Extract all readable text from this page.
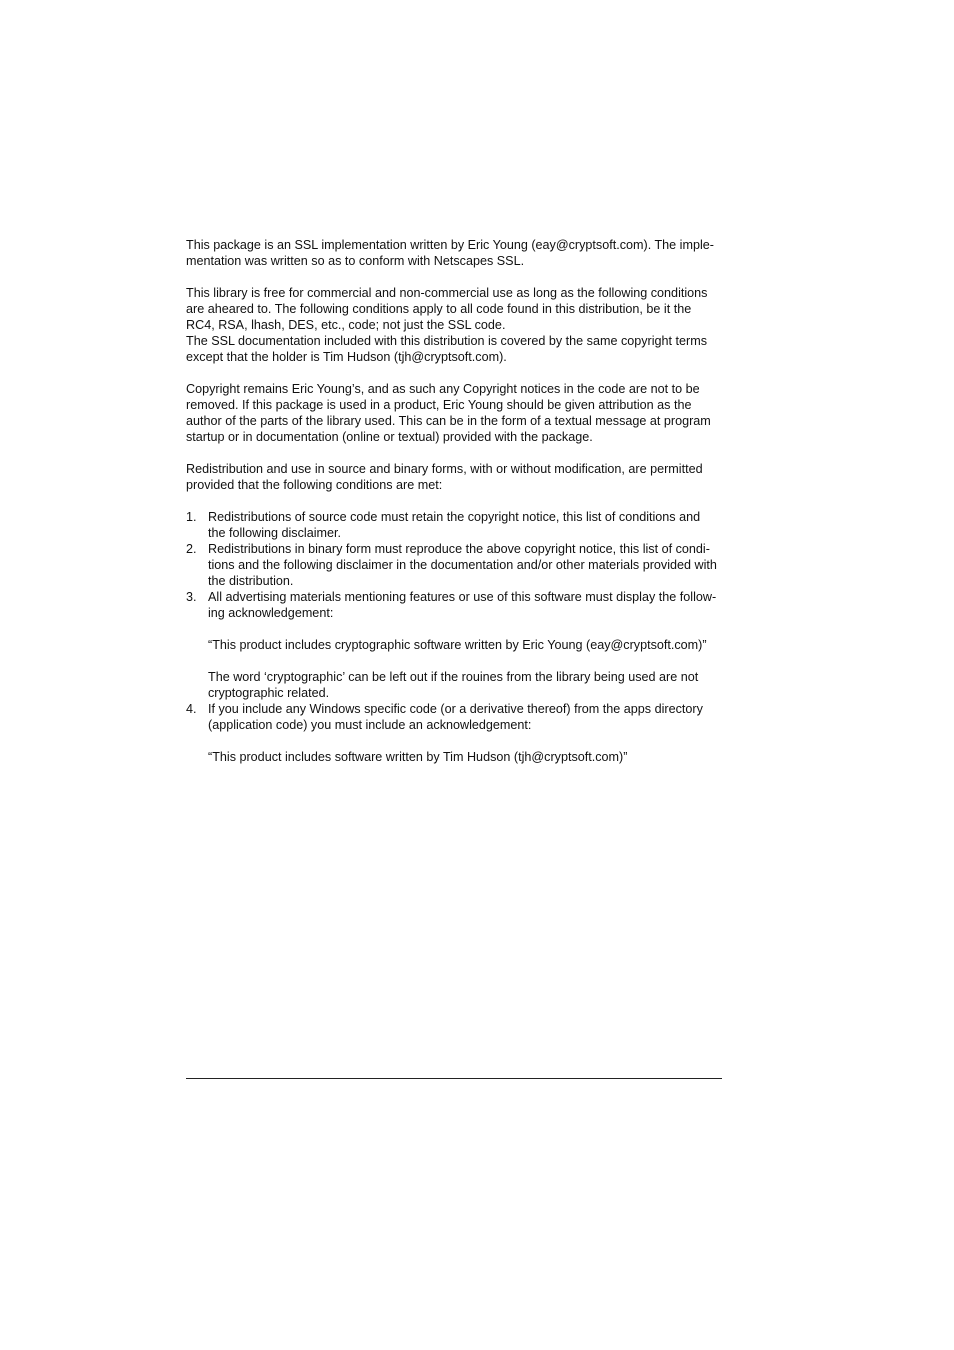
This package is an SSL implementation written by Eric Young (eay@cryptsoft.com). The imple-
mentation was written so as to conform with Netscapes SSL.

This library is free for commercial and non-commercial use as long as the following conditions
are aheared to. The following conditions apply to all code found in this distribution, be it the
RC4, RSA, lhash, DES, etc., code; not just the SSL code.

The SSL documentation included with this distribution is covered by the same copyright terms
except that the holder is Tim Hudson (tjh@cryptsoft.com).

Copyright remains Eric Young’s, and as such any Copyright notices in the code are not to be
removed. If this package is used in a product, Eric Young should be given attribution as the
author of the parts of the library used. This can be in the form of a textual message at program
startup or in documentation (online or textual) provided with the package.

Redistribution and use in source and binary forms, with or without modification, are permitted
provided that the following conditions are met:

1. Redistributions of source code must retain the copyright notice, this list of conditions and
the following disclaimer.

2. Redistributions in binary form must reproduce the above copyright notice, this list of condi-
tions and the following disclaimer in the documentation and/or other materials provided with
the distribution.

3. All advertising materials mentioning features or use of this software must display the follow-
ing acknowledgement:

“This product includes cryptographic software written by Eric Young (eay@cryptsoft.com)”

The word ‘cryptographic’ can be left out if the rouines from the library being used are not
cryptographic related.

4. If you include any Windows specific code (or a derivative thereof) from the apps directory
(application code) you must include an acknowledgement:

“This product includes software written by Tim Hudson (tjh@cryptsoft.com)”
